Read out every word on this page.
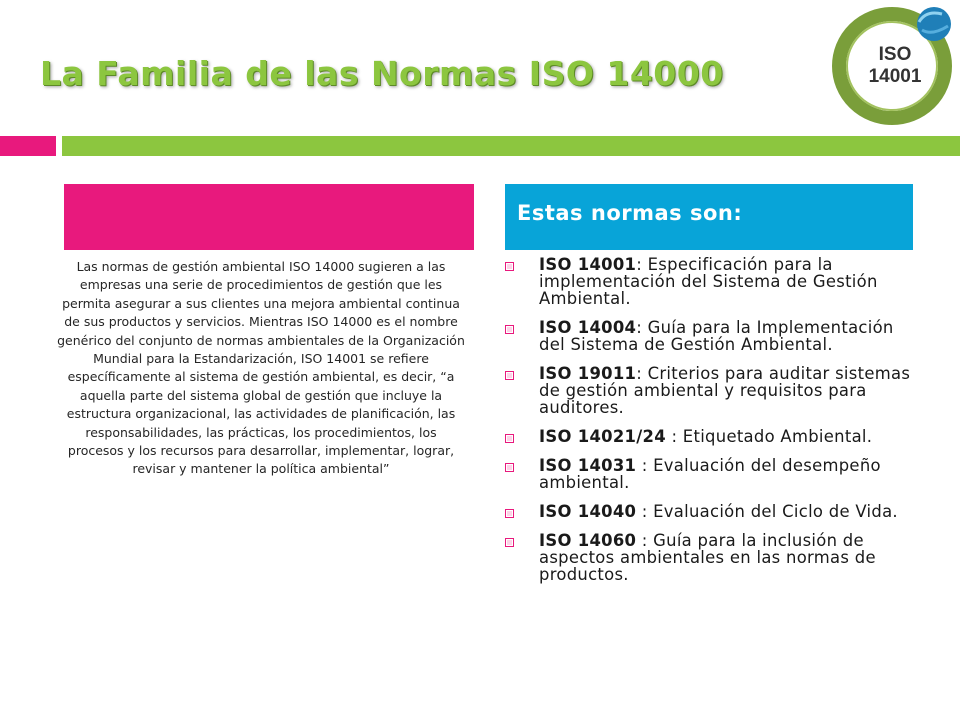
La Familia de las Normas ISO 14000	ISO
14001
Estas normas son:

Las normas de gestión ambiental ISO 14000 sugieren a las empresas una serie de procedimientos de gestión que les permita asegurar a sus clientes una mejora ambiental continua de sus productos y servicios. Mientras ISO 14000 es el nombre genérico del conjunto de normas ambientales de la Organización Mundial para la Estandarización, ISO 14001 se refiere específicamente al sistema de gestión ambiental, es decir, “a aquella parte del sistema global de gestión que incluye la estructura organizacional, las actividades de planificación, las responsabilidades, las prácticas, los procedimientos, los procesos y los recursos para desarrollar, implementar, lograr, revisar y mantener la política ambiental”

ISO 14001: Especificación para la implementación del Sistema de Gestión Ambiental.
ISO 14004: Guía para la Implementación del Sistema de Gestión Ambiental.
ISO 19011: Criterios para auditar sistemas de gestión ambiental y requisitos para auditores.
ISO 14021/24 : Etiquetado Ambiental.
ISO 14031 : Evaluación del desempeño ambiental.
ISO 14040 : Evaluación del Ciclo de Vida.
ISO 14060 : Guía para la inclusión de aspectos ambientales en las normas de productos.
